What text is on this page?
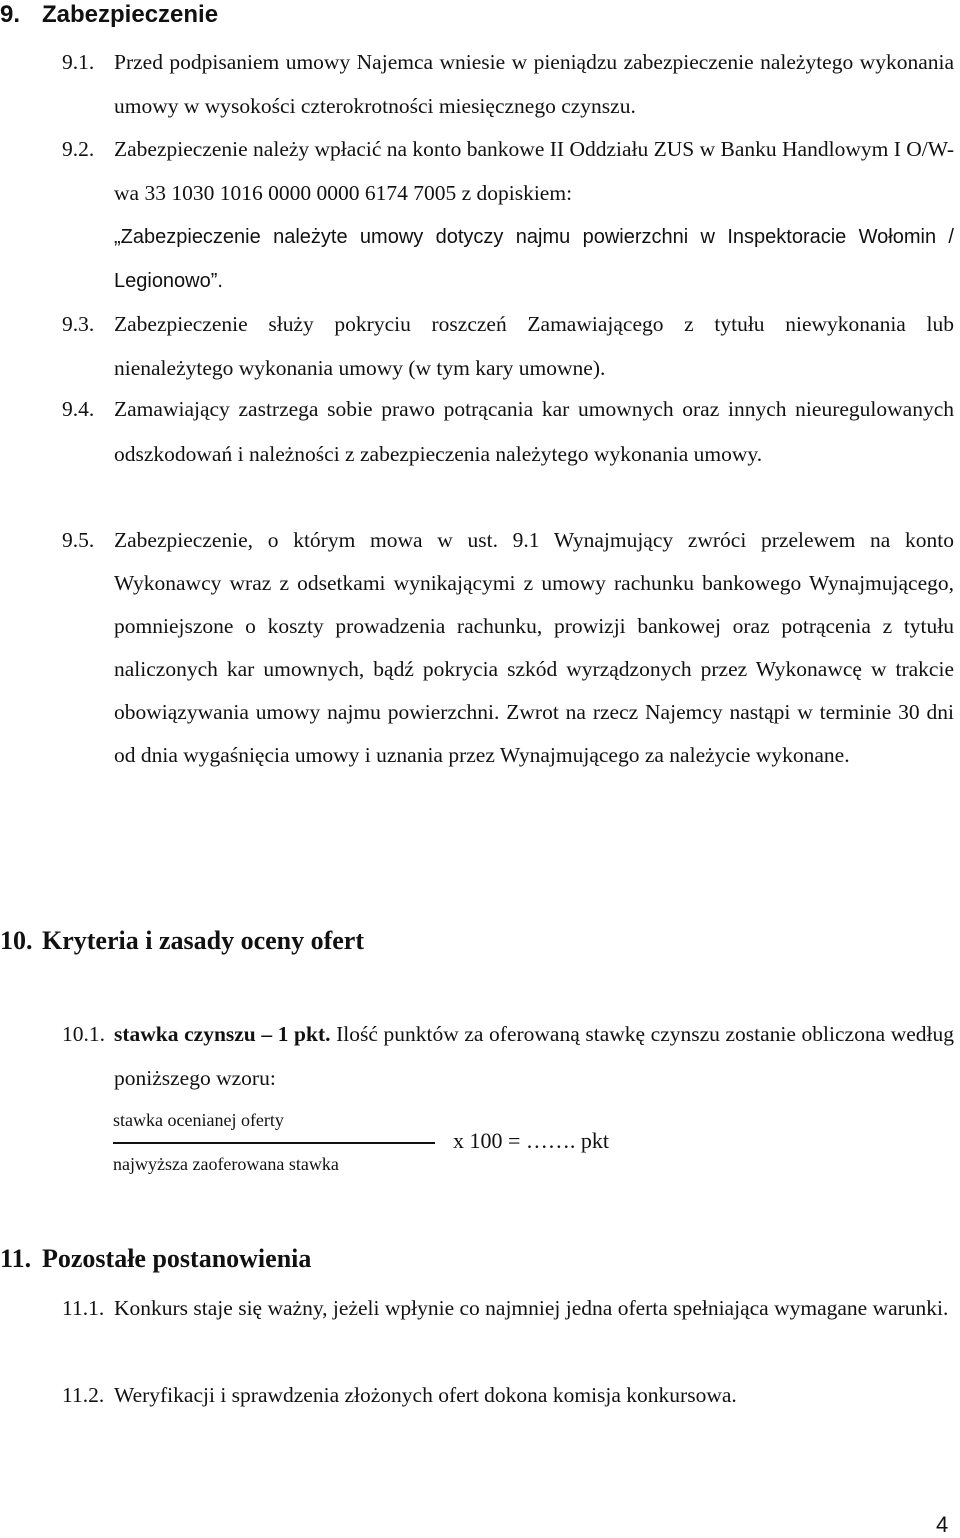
9. Zabezpieczenie
9.1. Przed podpisaniem umowy Najemca wniesie w pieniądzu zabezpieczenie należytego wykonania umowy w wysokości czterokrotności miesięcznego czynszu.
9.2. Zabezpieczenie należy wpłacić na konto bankowe II Oddziału ZUS w Banku Handlowym I O/W-wa 33 1030 1016 0000 0000 6174 7005 z dopiskiem:
„Zabezpieczenie należyte umowy dotyczy najmu powierzchni w Inspektoracie Wołomin / Legionowo”.
9.3. Zabezpieczenie służy pokryciu roszczeń Zamawiającego z tytułu niewykonania lub nienależytego wykonania umowy (w tym kary umowne).
9.4. Zamawiający zastrzega sobie prawo potrącania kar umownych oraz innych nieuregulowanych odszkodowań i należności z zabezpieczenia należytego wykonania umowy.
9.5. Zabezpieczenie, o którym mowa w ust. 9.1 Wynajmujący zwróci przelewem na konto Wykonawcy wraz z odsetkami wynikającymi z umowy rachunku bankowego Wynajmującego, pomniejszone o koszty prowadzenia rachunku, prowizji bankowej oraz potrącenia z tytułu naliczonych kar umownych, bądź pokrycia szkód wyrządzonych przez Wykonawcę w trakcie obowiązywania umowy najmu powierzchni. Zwrot na rzecz Najemcy nastąpi w terminie 30 dni od dnia wygaśnięcia umowy i uznania przez Wynajmującego za należycie wykonane.
10. Kryteria i zasady oceny ofert
10.1. stawka czynszu – 1 pkt. Ilość punktów za oferowaną stawkę czynszu zostanie obliczona według poniższego wzoru:
stawka ocenianej oferty
najwyższa zaoferowana stawka
x 100 = ……. pkt
11. Pozostałe postanowienia
11.1. Konkurs staje się ważny, jeżeli wpłynie co najmniej jedna oferta spełniająca wymagane warunki.
11.2. Weryfikacji i sprawdzenia złożonych ofert dokona komisja konkursowa.
4
